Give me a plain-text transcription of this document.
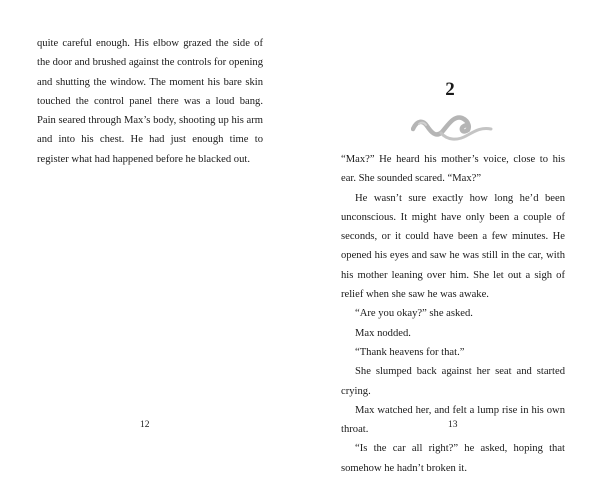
quite careful enough. His elbow grazed the side of the door and brushed against the controls for opening and shutting the window. The moment his bare skin touched the control panel there was a loud bang. Pain seared through Max’s body, shooting up his arm and into his chest. He had just enough time to register what had happened before he blacked out.

12
2

“Max?” He heard his mother’s voice, close to his ear. She sounded scared. “Max?”

He wasn’t sure exactly how long he’d been unconscious. It might have only been a couple of seconds, or it could have been a few minutes. He opened his eyes and saw he was still in the car, with his mother leaning over him. She let out a sigh of relief when she saw he was awake.

“Are you okay?” she asked.

Max nodded.

“Thank heavens for that.”

She slumped back against her seat and started crying.

Max watched her, and felt a lump rise in his own throat.

“Is the car all right?” he asked, hoping that somehow he hadn’t broken it.

13
